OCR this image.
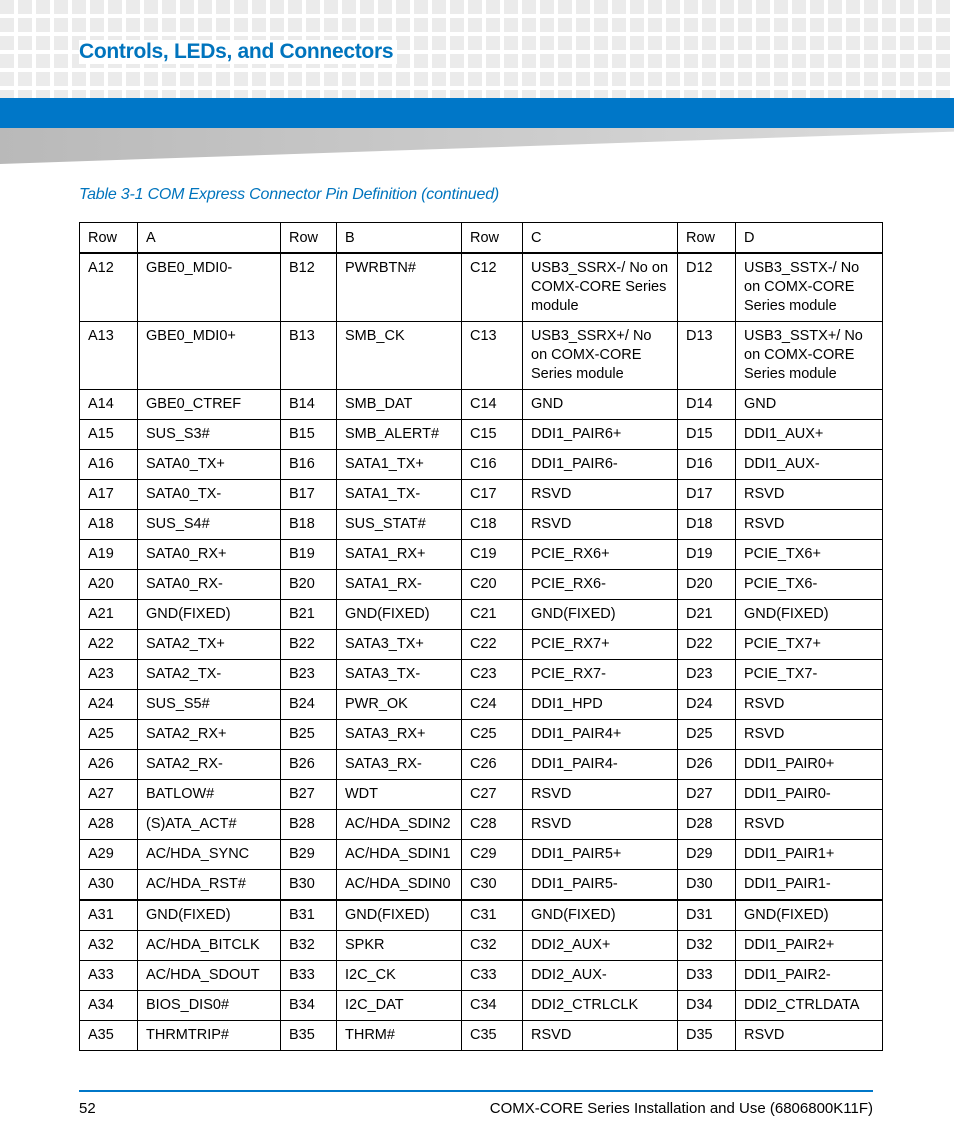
Controls, LEDs, and Connectors

Table 3-1 COM Express Connector Pin Definition (continued)

Row	A	Row	B	Row	C	Row	D
A12	GBE0_MDI0-	B12	PWRBTN#	C12	USB3_SSRX-/ No on COMX-CORE Series module	D12	USB3_SSTX-/ No on COMX-CORE Series module
A13	GBE0_MDI0+	B13	SMB_CK	C13	USB3_SSRX+/ No on COMX-CORE Series module	D13	USB3_SSTX+/ No on COMX-CORE Series module
A14	GBE0_CTREF	B14	SMB_DAT	C14	GND	D14	GND
A15	SUS_S3#	B15	SMB_ALERT#	C15	DDI1_PAIR6+	D15	DDI1_AUX+
A16	SATA0_TX+	B16	SATA1_TX+	C16	DDI1_PAIR6-	D16	DDI1_AUX-
A17	SATA0_TX-	B17	SATA1_TX-	C17	RSVD	D17	RSVD
A18	SUS_S4#	B18	SUS_STAT#	C18	RSVD	D18	RSVD
A19	SATA0_RX+	B19	SATA1_RX+	C19	PCIE_RX6+	D19	PCIE_TX6+
A20	SATA0_RX-	B20	SATA1_RX-	C20	PCIE_RX6-	D20	PCIE_TX6-
A21	GND(FIXED)	B21	GND(FIXED)	C21	GND(FIXED)	D21	GND(FIXED)
A22	SATA2_TX+	B22	SATA3_TX+	C22	PCIE_RX7+	D22	PCIE_TX7+
A23	SATA2_TX-	B23	SATA3_TX-	C23	PCIE_RX7-	D23	PCIE_TX7-
A24	SUS_S5#	B24	PWR_OK	C24	DDI1_HPD	D24	RSVD
A25	SATA2_RX+	B25	SATA3_RX+	C25	DDI1_PAIR4+	D25	RSVD
A26	SATA2_RX-	B26	SATA3_RX-	C26	DDI1_PAIR4-	D26	DDI1_PAIR0+
A27	BATLOW#	B27	WDT	C27	RSVD	D27	DDI1_PAIR0-
A28	(S)ATA_ACT#	B28	AC/HDA_SDIN2	C28	RSVD	D28	RSVD
A29	AC/HDA_SYNC	B29	AC/HDA_SDIN1	C29	DDI1_PAIR5+	D29	DDI1_PAIR1+
A30	AC/HDA_RST#	B30	AC/HDA_SDIN0	C30	DDI1_PAIR5-	D30	DDI1_PAIR1-
A31	GND(FIXED)	B31	GND(FIXED)	C31	GND(FIXED)	D31	GND(FIXED)
A32	AC/HDA_BITCLK	B32	SPKR	C32	DDI2_AUX+	D32	DDI1_PAIR2+
A33	AC/HDA_SDOUT	B33	I2C_CK	C33	DDI2_AUX-	D33	DDI1_PAIR2-
A34	BIOS_DIS0#	B34	I2C_DAT	C34	DDI2_CTRLCLK	D34	DDI2_CTRLDATA
A35	THRMTRIP#	B35	THRM#	C35	RSVD	D35	RSVD
52	COMX-CORE Series Installation and Use (6806800K11F)
